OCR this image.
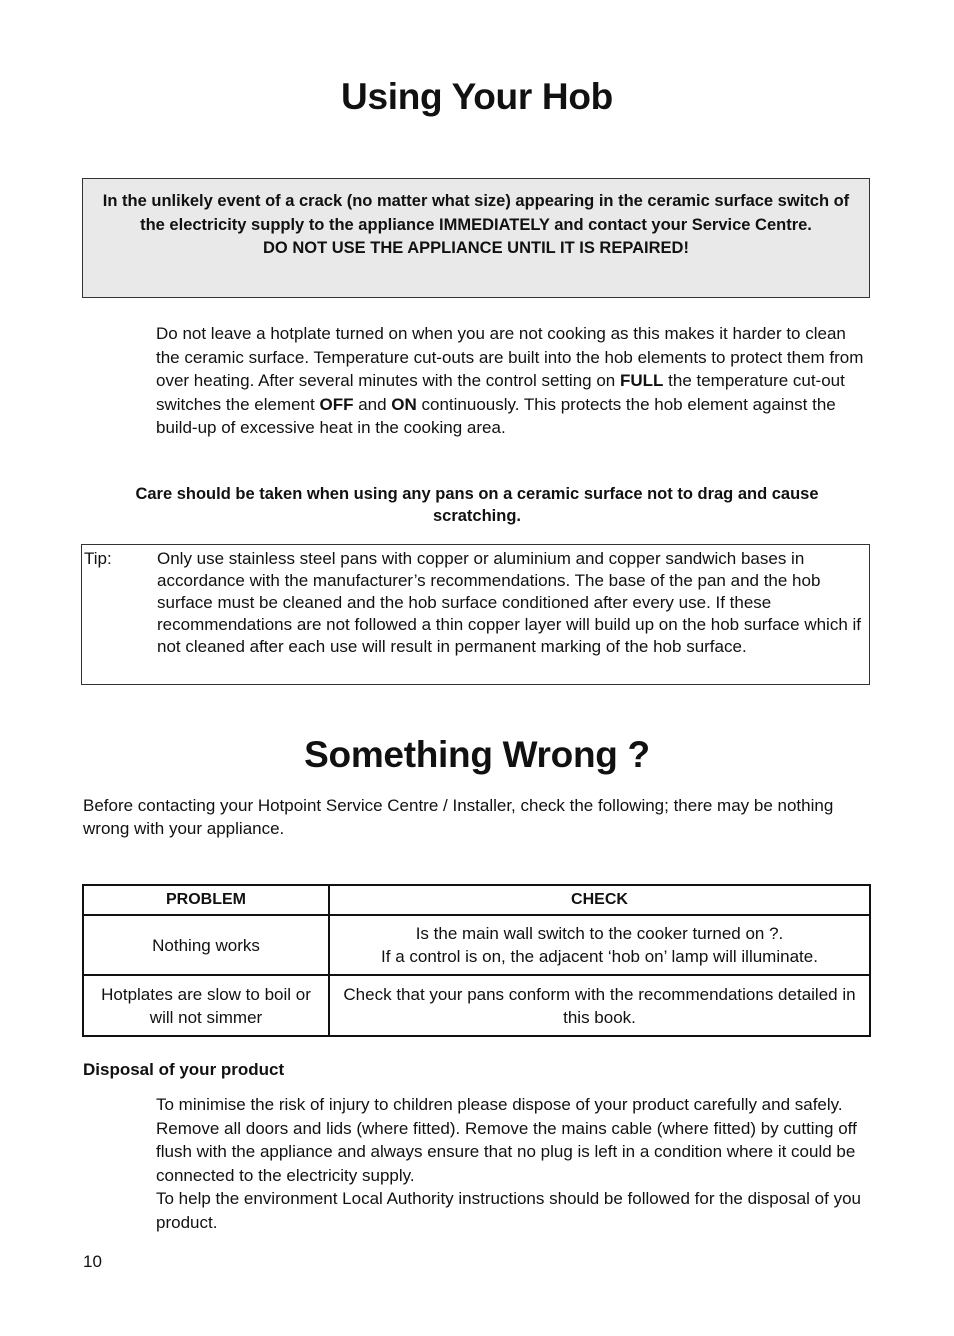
Using Your Hob

In the unlikely event of a crack (no matter what size) appearing in the ceramic surface switch of the electricity supply to the appliance IMMEDIATELY and contact your Service Centre.

DO NOT USE THE APPLIANCE UNTIL IT IS REPAIRED!

Do not leave a hotplate turned on when you are not cooking as this makes it harder to clean the ceramic surface. Temperature cut-outs are built into the hob elements to protect them from over heating. After several minutes with the control setting on FULL the temperature cut-out switches the element OFF and ON continuously. This protects the hob element against the build-up of excessive heat in the cooking area.

Care should be taken when using any pans on a ceramic surface not to drag and cause scratching.

Tip:	Only use stainless steel pans with copper or aluminium and copper sandwich bases in accordance with the manufacturer’s recommendations. The base of the pan and the hob surface must be cleaned and the hob surface conditioned after every use. If these recommendations are not followed a thin copper layer will build up on the hob surface which if not cleaned after each use will result in permanent marking of the hob surface.
Something Wrong ?

Before contacting your Hotpoint Service Centre / Installer, check the following; there may be nothing wrong with your appliance.

PROBLEM	CHECK
Nothing works	Is the main wall switch to the cooker turned on ?.
If a control is on, the adjacent ‘hob on’ lamp will illuminate.

Hotplates are slow to boil or will not simmer	Check that your pans conform with the recommendations detailed in this book.

Disposal of your product

To minimise the risk of injury to children please dispose of your product carefully and safely. Remove all doors and lids (where fitted). Remove the mains cable (where fitted) by cutting off flush with the appliance and always ensure that no plug is left in a condition where it could be connected to the electricity supply.
To help the environment Local Authority instructions should be followed for the disposal of you product.

10
